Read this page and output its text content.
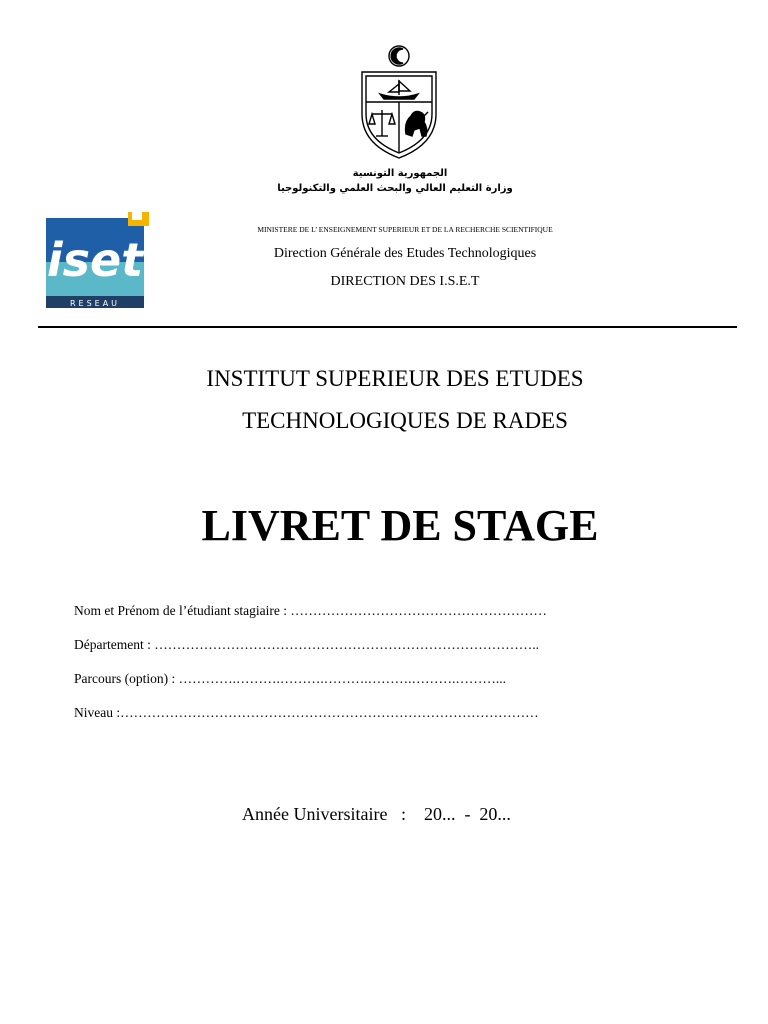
الجمهورية التونسية
وزارة التعليم العالي والبحث العلمي والتكنولوجيا
iset
RESEAU
MINISTERE DE L’ ENSEIGNEMENT SUPERIEUR ET DE LA RECHERCHE SCIENTIFIQUE
Direction Générale des Etudes Technologiques
DIRECTION DES I.S.E.T
INSTITUT SUPERIEUR DES ETUDES
TECHNOLOGIQUES DE RADES
LIVRET DE STAGE
Nom et Prénom de l’étudiant stagiaire : …………………………………………………
Département : …………………………………………………………………………..
Parcours (option) : ………….……….……….……….……….……….………...
Niveau :…………………………………………………………………………………
Année Universitaire   :    20...  -  20...
